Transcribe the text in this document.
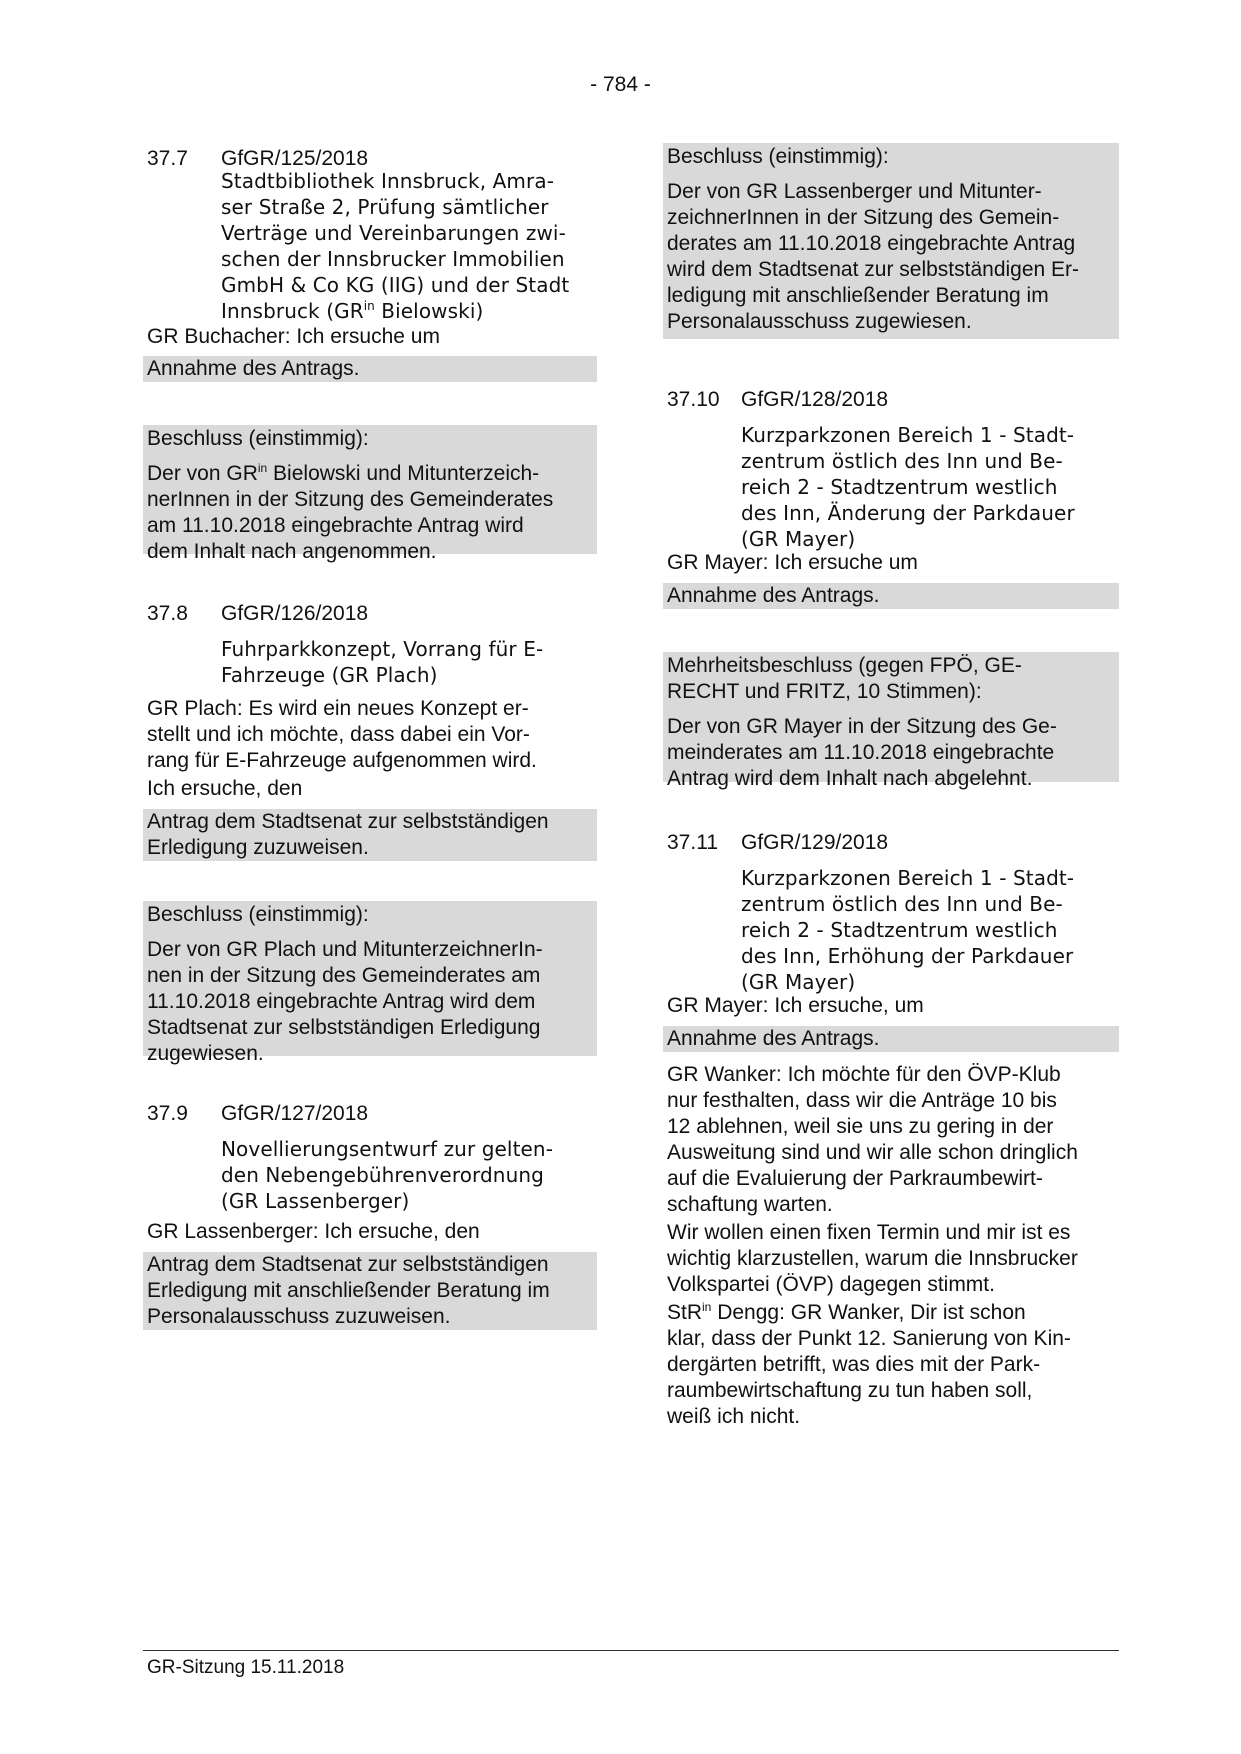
- 784 -
37.7 GfGR/125/2018
Stadtbibliothek Innsbruck, Amra-
ser Straße 2, Prüfung sämtlicher
Verträge und Vereinbarungen zwi-
schen der Innsbrucker Immobilien
GmbH & Co KG (IIG) und der Stadt
Innsbruck ($GR^{in}$ Bielowski)
GR Buchacher: Ich ersuche um
Annahme des Antrags.
Beschluss (einstimmig):
Der von $GR^{in}$ Bielowski und Mitunterzeich-
nerInnen in der Sitzung des Gemeinderates
am 11.10.2018 eingebrachte Antrag wird
dem Inhalt nach angenommen.
37.8 GfGR/126/2018
Fuhrparkkonzept, Vorrang für E-
Fahrzeuge (GR Plach)
GR Plach: Es wird ein neues Konzept er-
stellt und ich möchte, dass dabei ein Vor-
rang für E-Fahrzeuge aufgenommen wird.
Ich ersuche, den
Antrag dem Stadtsenat zur selbstständigen
Erledigung zuzuweisen.
Beschluss (einstimmig):
Der von GR Plach und MitunterzeichnerIn-
nen in der Sitzung des Gemeinderates am
11.10.2018 eingebrachte Antrag wird dem
Stadtsenat zur selbstständigen Erledigung
zugewiesen.
37.9 GfGR/127/2018
Novellierungsentwurf zur gelten-
den Nebengebührenverordnung
(GR Lassenberger)
GR Lassenberger: Ich ersuche, den
Antrag dem Stadtsenat zur selbstständigen
Erledigung mit anschließender Beratung im
Personalausschuss zuzuweisen.
Beschluss (einstimmig):
Der von GR Lassenberger und Mitunter-
zeichnerInnen in der Sitzung des Gemein-
derates am 11.10.2018 eingebrachte Antrag
wird dem Stadtsenat zur selbstständigen Er-
ledigung mit anschließender Beratung im
Personalausschuss zugewiesen.
37.10 GfGR/128/2018
Kurzparkzonen Bereich 1 - Stadt-
zentrum östlich des Inn und Be-
reich 2 - Stadtzentrum westlich
des Inn, Änderung der Parkdauer
(GR Mayer)
GR Mayer: Ich ersuche um
Annahme des Antrags.
Mehrheitsbeschluss (gegen FPÖ, GE-
RECHT und FRITZ, 10 Stimmen):
Der von GR Mayer in der Sitzung des Ge-
meinderates am 11.10.2018 eingebrachte
Antrag wird dem Inhalt nach abgelehnt.
37.11 GfGR/129/2018
Kurzparkzonen Bereich 1 - Stadt-
zentrum östlich des Inn und Be-
reich 2 - Stadtzentrum westlich
des Inn, Erhöhung der Parkdauer
(GR Mayer)
GR Mayer: Ich ersuche, um
Annahme des Antrags.
GR Wanker: Ich möchte für den ÖVP-Klub
nur festhalten, dass wir die Anträge 10 bis
12 ablehnen, weil sie uns zu gering in der
Ausweitung sind und wir alle schon dringlich
auf die Evaluierung der Parkraumbewirt-
schaftung warten.
Wir wollen einen fixen Termin und mir ist es
wichtig klarzustellen, warum die Innsbrucker
Volkspartei (ÖVP) dagegen stimmt.
StR$^{in}$ Dengg: GR Wanker, Dir ist schon
klar, dass der Punkt 12. Sanierung von Kin-
dergärten betrifft, was dies mit der Park-
raumbewirtschaftung zu tun haben soll,
weiß ich nicht.
GR-Sitzung 15.11.2018
